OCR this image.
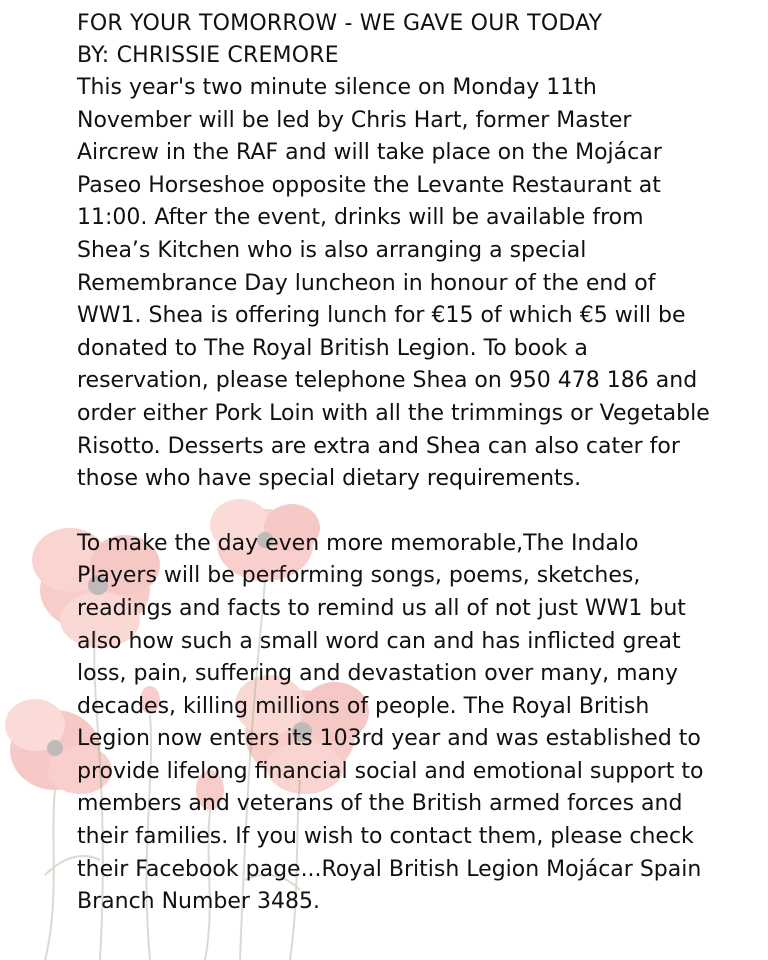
FOR YOUR TOMORROW - WE GAVE OUR TODAY
BY: CHRISSIE CREMORE

This year's two minute silence on Monday 11th November will be led by Chris Hart, former Master Aircrew in the RAF and will take place on the Mojácar Paseo Horseshoe opposite the Levante Restaurant at 11:00. After the event, drinks will be available from Shea’s Kitchen who is also arranging a special Remembrance Day luncheon in honour of the end of WW1. Shea is offering lunch for €15 of which €5 will be donated to The Royal British Legion. To book a reservation, please telephone Shea on 950 478 186 and order either Pork Loin with all the trimmings or Vegetable Risotto. Desserts are extra and Shea can also cater for those who have special dietary requirements.

To make the day even more memorable,The Indalo Players will be performing songs, poems, sketches, readings and facts to remind us all of not just WW1 but also how such a small word can and has inflicted great loss, pain, suffering and devastation over many, many decades, killing millions of people. The Royal British Legion now enters its 103rd year and was established to provide lifelong financial social and emotional support to members and veterans of the British armed forces and their families. If you wish to contact them, please check their Facebook page...Royal British Legion Mojácar Spain Branch Number 3485.
